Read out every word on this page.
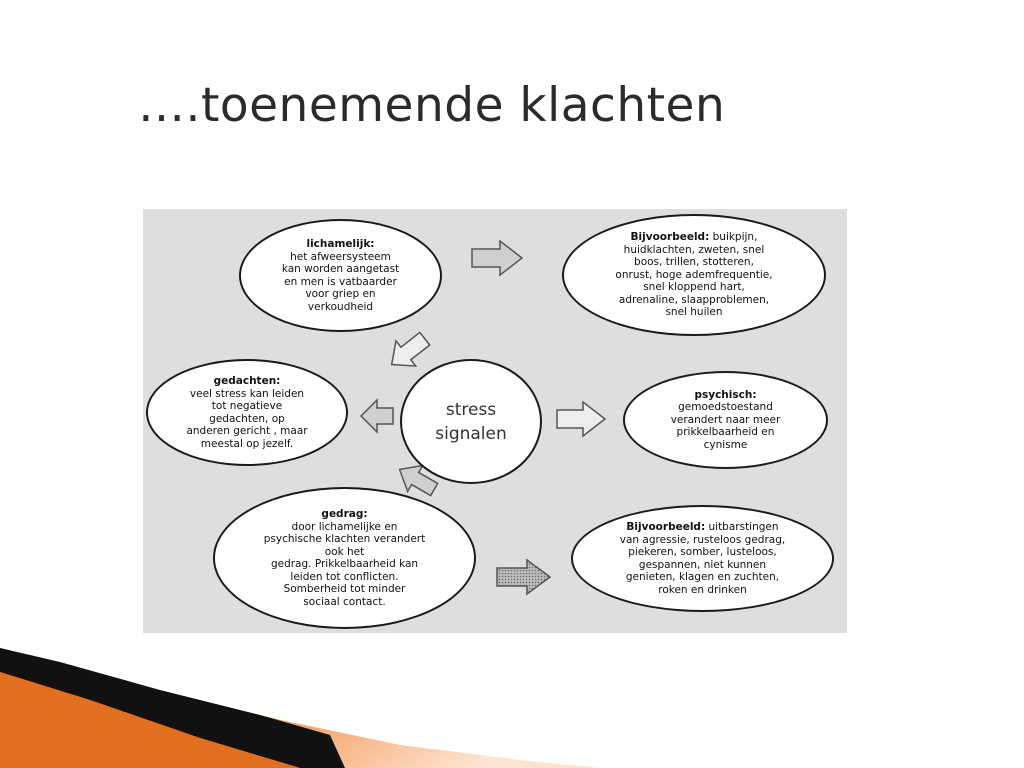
….toenemende klachten
lichamelijk:
het afweersysteem
kan worden aangetast
en men is vatbaarder
voor griep en
verkoudheid
Bijvoorbeeld: buikpijn,
huidklachten, zweten, snel
boos, trillen, stotteren,
onrust, hoge ademfrequentie,
snel kloppend hart,
adrenaline, slaapproblemen,
snel huilen
gedachten:
veel stress kan leiden
tot negatieve
gedachten, op
anderen gericht , maar
meestal op jezelf.
stress
signalen
psychisch:
gemoedstoestand
verandert naar meer
prikkelbaarheid en
cynisme
gedrag:
door lichamelijke en
psychische klachten verandert
ook het
gedrag. Prikkelbaarheid kan
leiden tot conflicten.
Somberheid tot minder
sociaal contact.
Bijvoorbeeld: uitbarstingen
van agressie, rusteloos gedrag,
piekeren, somber, lusteloos,
gespannen, niet kunnen
genieten, klagen en zuchten,
roken en drinken
